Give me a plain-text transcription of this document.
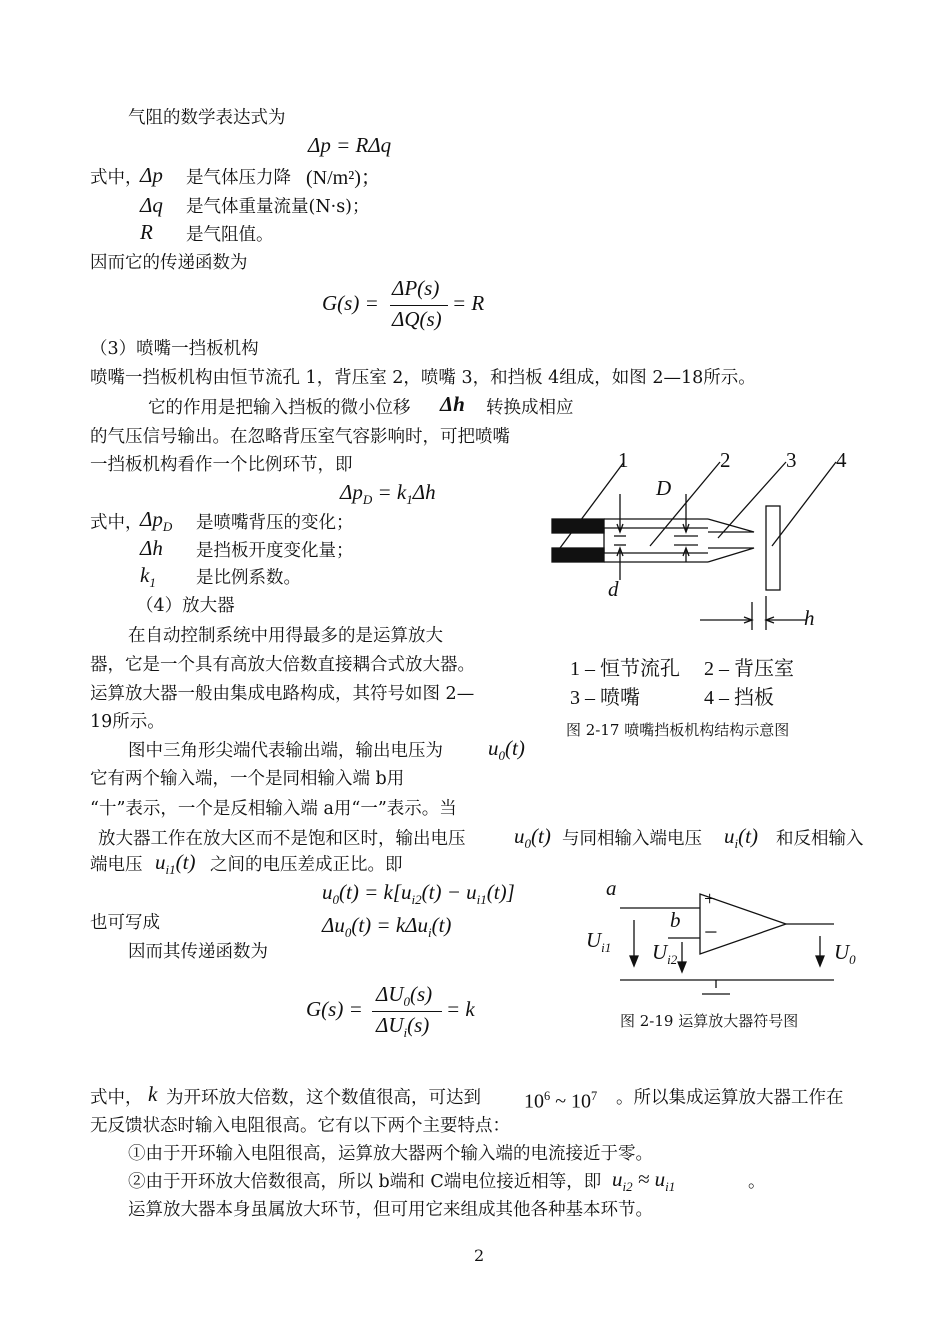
气阻的数学表达式为
Δp = RΔq
式中，
Δp 是气体压力降 (N/m²)；
Δq 是气体重量流量(N·s)；
R 是气阻值。
因而它的传递函数为
G(s) =
ΔP(s)
ΔQ(s)
= R
（3）喷嘴一挡板机构
喷嘴一挡板机构由恒节流孔 1，背压室 2，喷嘴 3，和挡板 4组成，如图 2—18所示。
它的作用是把输入挡板的微小位移 Δh 转换成相应
的气压信号输出。在忽略背压室气容影响时，可把喷嘴
一挡板机构看作一个比例环节，即
$\Delta p_D = k_1\Delta h$
式中，
$\Delta p_D$ 是喷嘴背压的变化；
Δh 是挡板开度变化量；
$k_1$ 是比例系数。
（4）放大器
在自动控制系统中用得最多的是运算放大
器，它是一个具有高放大倍数直接耦合式放大器。
运算放大器一般由集成电路构成，其符号如图 2—
19所示。
图中三角形尖端代表输出端，输出电压为 $u_0(t)$
它有两个输入端，一个是同相输入端 b用
“十”表示，一个是反相输入端 a用“一”表示。当
放大器工作在放大区而不是饱和区时，输出电压 $u_0(t)$ 与同相输入端电压 $u_i(t)$ 和反相输入
端电压 $u_{i1}(t)$ 之间的电压差成正比。即
$u_0(t) = k[u_{i2}(t) - u_{i1}(t)]$
也可写成	$\Delta u_0(t) = k\Delta u_i(t)$
因而其传递函数为
G(s) =
$\Delta U_0(s)$
$\Delta U_i(s)$
= k
式中， k 为开环放大倍数，这个数值很高，可达到 $10^6$ ~ $10^7$ 。所以集成运算放大器工作在
无反馈状态时输入电阻很高。它有以下两个主要特点：
①由于开环输入电阻很高，运算放大器两个输入端的电流接近于零。
②由于开环放大倍数很高，所以 b端和 C端电位接近相等，即 $u_{i2} \approx u_{i1}$	。
运算放大器本身虽属放大环节，但可用它来组成其他各种基本环节。
2
1	2	3 4
D
d
h
1 – 恒节流孔 2 – 背压室
3 – 喷嘴	4 – 挡板
图 2-17 喷嘴挡板机构结构示意图
a
b
+
−
$U_{i1}$ $U_{i2}$	$U_0$
图 2-19 运算放大器符号图
